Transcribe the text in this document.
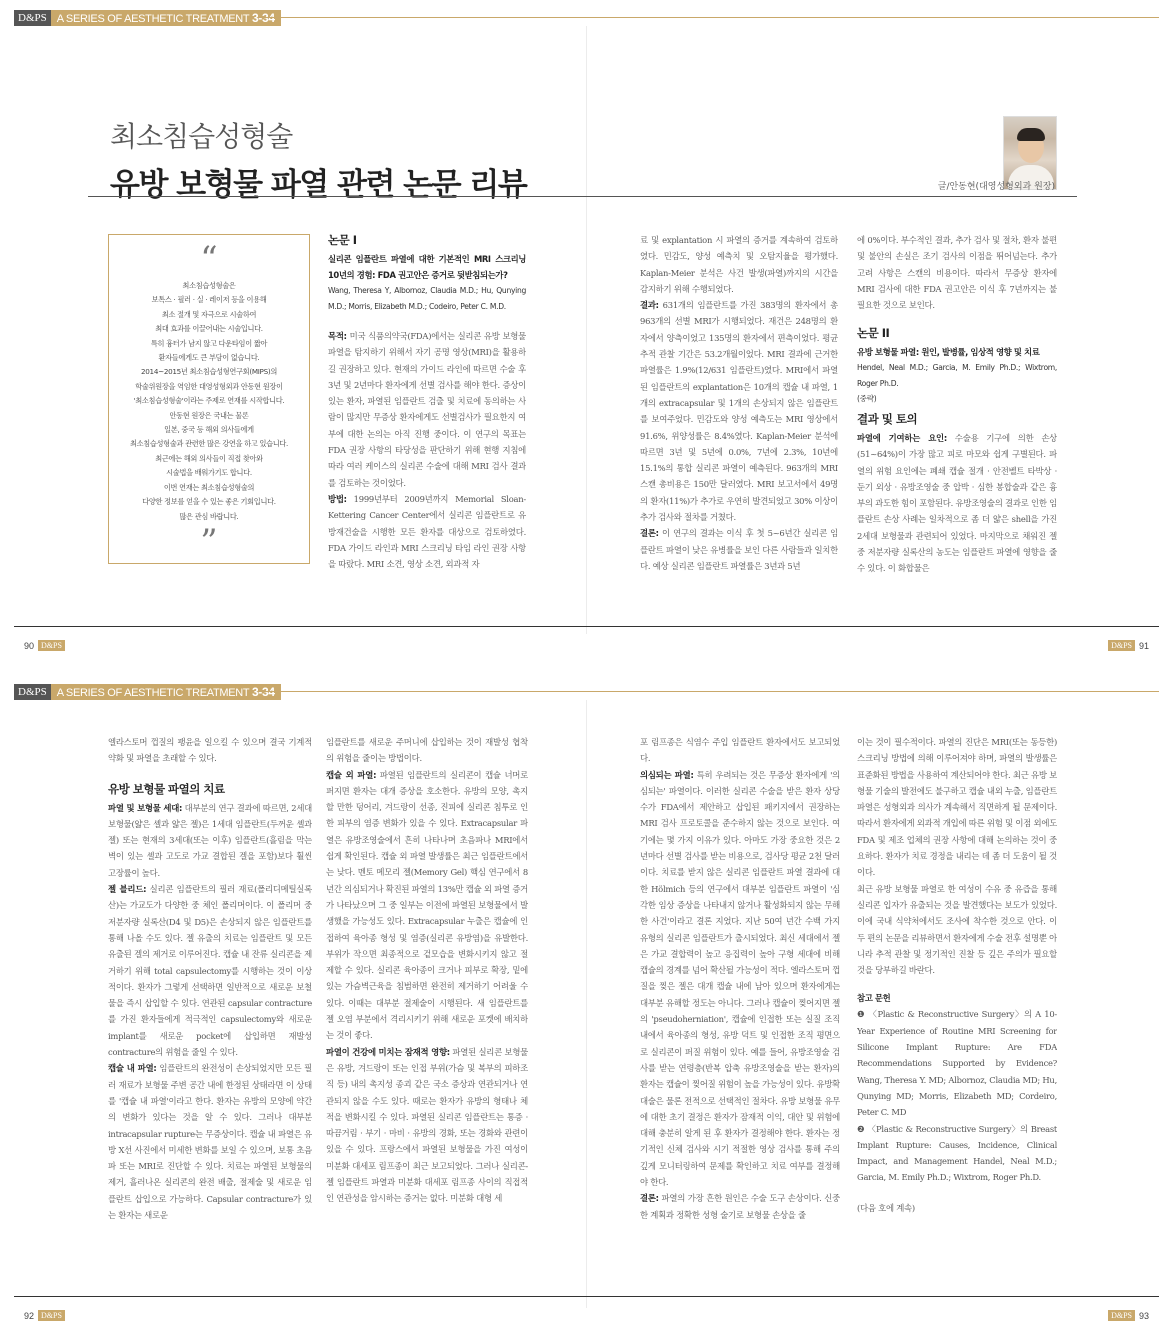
D&PS A SERIES OF AESTHETIC TREATMENT 3-34
최소침습성형술
유방 보형물 파열 관련 논문 리뷰	글/안동현(대영성형외과 원장)
“

최소침습성형술은
보톡스 · 필러 · 실 · 레이저 등을 이용해
최소 절개 및 자극으로 시술하여
최대 효과를 이끌어내는 시술입니다.
특히 흉터가 남지 않고 다운타임이 짧아
환자들에게도 큰 부담이 없습니다.
2014~2015년 최소침습성형연구회(MIPS)의
학술위원장을 역임한 대영성형외과 안동현 원장이
'최소침습성형술'이라는 주제로 연재를 시작합니다.
안동현 원장은 국내는 물론
일본, 중국 등 해외 의사들에게
최소침습성형술과 관련한 많은 강연을 하고 있습니다.
최근에는 해외 의사들이 직접 찾아와
시술법을 배워가기도 합니다.
이번 연재는 최소침습성형술의
다양한 정보를 얻을 수 있는 좋은 기회입니다.
많은 관심 바랍니다.

”
논문 I
실리콘 임플란트 파열에 대한 기본적인 MRI 스크리닝 10년의 경험: FDA 권고안은 증거로 뒷받침되는가?
Wang, Theresa Y, Albornoz, Claudia M.D.; Hu, Qunying M.D.; Morris, Elizabeth M.D.; Codeiro, Peter C. M.D.

목적: 미국 식품의약국(FDA)에서는 실리콘 유방 보형물 파열을 탐지하기 위해서 자기 공명 영상(MRI)을 활용하길 권장하고 있다. 현재의 가이드 라인에 따르면 수술 후 3년 및 2년마다 환자에게 선별 검사를 해야 한다. 증상이 있는 환자, 파열된 임플란트 검출 및 치료에 동의하는 사람이 많지만 무증상 환자에게도 선별검사가 필요한지 여부에 대한 논의는 아직 진행 중이다. 이 연구의 목표는 FDA 권장 사항의 타당성을 판단하기 위해 현행 지침에 따라 여러 케이스의 실리콘 수술에 대해 MRI 검사 결과를 검토하는 것이었다.

방법: 1999년부터 2009년까지 Memorial Sloan-Kettering Cancer Center에서 실리콘 임플란트로 유방재건술을 시행한 모든 환자를 대상으로 검토하였다. FDA 가이드 라인과 MRI 스크리닝 타임 라인 권장 사항을 따랐다. MRI 소견, 영상 소견, 외과적 자

료 및 explantation 시 파열의 증거를 계속하여 검토하였다. 민감도, 양성 예측치 및 오탐지율을 평가했다. Kaplan-Meier 분석은 사건 발생(파열)까지의 시간을 감지하기 위해 수행되었다.

결과: 631개의 임플란트를 가진 383명의 환자에서 총 963개의 선별 MRI가 시행되었다. 재건은 248명의 환자에서 양측이었고 135명의 환자에서 편측이었다. 평균 추적 관찰 기간은 53.2개월이었다. MRI 결과에 근거한 파열률은 1.9%(12/631 임플란트)였다. MRI에서 파열된 임플란트의 explantation은 10개의 캡슐 내 파열, 1개의 extracapsular 및 1개의 손상되지 않은 임플란트를 보여주었다. 민감도와 양성 예측도는 MRI 영상에서 91.6%, 위양성률은 8.4%였다. Kaplan-Meier 분석에 따르면 3년 및 5년에 0.0%, 7년에 2.3%, 10년에 15.1%의 통합 실리콘 파열이 예측된다. 963개의 MRI 스캔 총비용은 150만 달러였다. MRI 보고서에서 49명의 환자(11%)가 추가로 우연히 발견되었고 30% 이상이 추가 검사와 절차를 거쳤다.

결론: 이 연구의 결과는 이식 후 첫 5~6년간 실리콘 임플란트 파열이 낮은 유병률을 보인 다른 사람들과 일치한다. 예상 실리콘 임플란트 파열률은 3년과 5년

에 0%이다. 부수적인 결과, 추가 검사 및 절차, 환자 불편 및 불안의 손실은 조기 검사의 이점을 뛰어넘는다. 추가 고려 사항은 스캔의 비용이다. 따라서 무증상 환자에 MRI 검사에 대한 FDA 권고안은 이식 후 7년까지는 불필요한 것으로 보인다.

논문 II
유방 보형물 파열: 원인, 발병률, 임상적 영향 및 치료
Hendel, Neal M.D.; Garcia, M. Emily Ph.D.; Wixtrom, Roger Ph.D.
(중략)
결과 및 토의

파열에 기여하는 요인: 수술용 기구에 의한 손상(51~64%)이 가장 많고 피로 마모와 쉽게 구별된다. 파열의 위험 요인에는 폐쇄 캡슐 절개 · 안전벨트 타박상 · 둔기 외상 · 유방조영술 중 압박 · 심한 봉합술과 같은 흉부의 과도한 힘이 포함된다. 유방조영술의 결과로 인한 임플란트 손상 사례는 일차적으로 좀 더 얇은 shell을 가진 2세대 보형물과 관련되어 있었다. 마지막으로 채워진 젤 중 저분자량 실록산의 농도는 임플란트 파열에 영향을 줄 수 있다. 이 화합물은

90 D&PS	D&PS 91
D&PS A SERIES OF AESTHETIC TREATMENT 3-34

엘라스토머 껍질의 팽윤을 일으킬 수 있으며 결국 기계적 약화 및 파열을 초래할 수 있다.

유방 보형물 파열의 치료

파열 및 보형물 세대: 대부분의 연구 결과에 따르면, 2세대 보형물(얇은 셸과 얇은 젤)은 1세대 임플란트(두꺼운 셸과 젤) 또는 현재의 3세대(또는 이후) 임플란트(흘림을 막는 벽이 있는 셸과 고도로 가교 결합된 겔을 포함)보다 훨씬 고장률이 높다.

젤 블리드: 실리콘 임플란트의 필러 재료(폴리디메틸실록산)는 가교도가 다양한 중 체인 폴리머이다. 이 폴리머 중 저분자량 실록산(D4 및 D5)은 손상되지 않은 임플란트를 통해 나올 수도 있다. 젤 유출의 치료는 임플란트 및 모든 유출된 겔의 제거로 이루어진다. 캡슐 내 잔류 실리콘을 제거하기 위해 total capsulectomy를 시행하는 것이 이상적이다. 환자가 그렇게 선택하면 일반적으로 새로운 보철물을 즉시 삽입할 수 있다. 연관된 capsular contracture를 가진 환자들에게 적극적인 capsulectomy와 새로운 implant를 새로운 pocket에 삽입하면 재발성 contracture의 위험을 줄일 수 있다.

캡슐 내 파열: 임플란트의 완전성이 손상되었지만 모든 필러 재료가 보형물 주변 공간 내에 한정된 상태라면 이 상태를 '캡슐 내 파열'이라고 한다. 환자는 유방의 모양에 약간의 변화가 있다는 것을 알 수 있다. 그러나 대부분 intracapsular rupture는 무증상이다. 캡슐 내 파열은 유방 X선 사진에서 미세한 변화를 보일 수 있으며, 보통 초음파 또는 MRI로 진단할 수 있다. 치료는 파열된 보형물의 제거, 흘러나온 실리콘의 완전 배출, 절제술 및 새로운 임플란트 삽입으로 가능하다. Capsular contracture가 있는 환자는 새로운

임플란트를 새로운 주머니에 삽입하는 것이 재발성 협착의 위험을 줄이는 방법이다.

캡슐 외 파열: 파열된 임플란트의 실리콘이 캡슐 너머로 퍼지면 환자는 대개 증상을 호소한다. 유방의 모양, 촉지할 만한 덩어리, 겨드랑이 선종, 진피에 실리콘 침투로 인한 피부의 염증 변화가 있을 수 있다. Extracapsular 파열은 유방조영술에서 흔히 나타나며 초음파나 MRI에서 쉽게 확인된다. 캡슐 외 파열 발생률은 최근 임플란트에서는 낮다. 멘토 메모리 젤(Memory Gel) 핵심 연구에서 8년간 의심되거나 확진된 파열의 13%만 캡슐 외 파열 증거가 나타났으며 그 중 일부는 이전에 파열된 보형물에서 발생했을 가능성도 있다. Extracapsular 누출은 캡슐에 인접하여 육아종 형성 및 염증(실리콘 유방염)을 유발한다. 부위가 작으면 최종적으로 겉모습을 변화시키지 않고 절제할 수 있다. 실리콘 육아종이 크거나 피부로 확장, 밑에 있는 가슴벽근육을 침범하면 완전히 제거하기 어려울 수 있다. 이때는 대부분 절제술이 시행된다. 새 임플란트를 젤 오염 부분에서 격리시키기 위해 새로운 포켓에 배치하는 것이 좋다.

파열이 건강에 미치는 잠재적 영향: 파열된 실리콘 보형물은 유방, 겨드랑이 또는 인접 부위(가슴 및 복부의 피하조직 등) 내의 촉지성 종괴 같은 국소 증상과 연관되거나 연관되지 않을 수도 있다. 때로는 환자가 유방의 형태나 체적을 변화시킬 수 있다. 파열된 실리콘 임플란트는 통증 · 따끔거림 · 부기 · 마비 · 유방의 경화, 또는 경화와 관련이 있을 수 있다. 프랑스에서 파열된 보형물을 가진 여성이 미분화 대세포 림프종이 최근 보고되었다. 그러나 실리콘-젤 임플란트 파열과 미분화 대세포 림프종 사이의 직접적인 연관성을 암시하는 증거는 없다. 미분화 대형 세

포 림프종은 식염수 주입 임플란트 환자에서도 보고되었다.

의심되는 파열: 특히 우려되는 것은 무증상 환자에게 '의심되는' 파열이다. 이러한 실리콘 수술을 받은 환자 상당수가 FDA에서 제안하고 삽입된 패키지에서 권장하는 MRI 검사 프로토콜을 준수하지 않는 것으로 보인다. 여기에는 몇 가지 이유가 있다. 아마도 가장 중요한 것은 2년마다 선별 검사를 받는 비용으로, 검사당 평균 2천 달러이다. 치료를 받지 않은 실리콘 임플란트 파열 결과에 대한 Hölmich 등의 연구에서 대부분 임플란트 파열이 '심각한 임상 증상을 나타내지 않거나 활성화되지 않는 무해한 사건'이라고 결론 지었다. 지난 50여 년간 수백 가지 유형의 실리콘 임플란트가 출시되었다. 최신 세대에서 젤은 가교 결합력이 높고 응집력이 높아 구형 세대에 비해 캡슐의 경계를 넘어 확산될 가능성이 적다. 엘라스토머 껍질을 찢은 젤은 대개 캡슐 내에 남아 있으며 환자에게는 대부분 유해할 정도는 아니다. 그러나 캡슐이 찢어지면 젤의 'pseudoherniation', 캡슐에 인접한 또는 실질 조직 내에서 육아종의 형성, 유방 덕트 및 인접한 조직 평면으로 실리콘이 퍼질 위험이 있다. 예를 들어, 유방조영술 검사를 받는 연령층(반복 압축 유방조영술을 받는 환자)의 환자는 캡슐이 찢어질 위험이 높을 가능성이 있다. 유방확대술은 물론 전적으로 선택적인 절차다. 유방 보형물 유무에 대한 초기 결정은 환자가 잠재적 이익, 대안 및 위험에 대해 충분히 알게 된 후 환자가 결정해야 한다. 환자는 정기적인 신체 검사와 시기 적절한 영상 검사를 통해 주의 깊게 모니터링하여 문제를 확인하고 치료 여부를 결정해야 한다.

결론: 파열의 가장 흔한 원인은 수술 도구 손상이다. 신중한 계획과 정확한 성형 술기로 보형물 손상을 줄

이는 것이 필수적이다. 파열의 진단은 MRI(또는 동등한) 스크리닝 방법에 의해 이루어져야 하며, 파열의 발생률은 표준화된 방법을 사용하여 계산되어야 한다. 최근 유방 보형물 기술의 발전에도 불구하고 캡슐 내외 누출, 임플란트 파열은 성형외과 의사가 계속해서 직면하게 될 문제이다. 따라서 환자에게 외과적 개입에 따른 위험 및 이점 외에도 FDA 및 제조 업체의 권장 사항에 대해 논의하는 것이 중요하다. 환자가 치료 경정을 내리는 데 좀 더 도움이 될 것이다.

최근 유방 보형물 파열로 한 여성이 수유 중 유즙을 통해 실리콘 입자가 유출되는 것을 발견했다는 보도가 있었다. 이에 국내 식약처에서도 조사에 착수한 것으로 안다. 이 두 편의 논문을 리뷰하면서 환자에게 수술 전후 설명뿐 아니라 추적 관찰 및 정기적인 진찰 등 깊은 주의가 필요할 것을 당부하길 바란다.

참고 문헌

❶ 〈Plastic & Reconstructive Surgery〉의 A 10-Year Experience of Routine MRI Screening for Silicone Implant Rupture: Are FDA Recommendations Supported by Evidence? Wang, Theresa Y. MD; Albornoz, Claudia MD; Hu, Qunying MD; Morris, Elizabeth MD; Cordeiro, Peter C. MD

❷ 〈Plastic & Reconstructive Surgery〉의 Breast Implant Rupture: Causes, Incidence, Clinical Impact, and Management Handel, Neal M.D.; Garcia, M. Emily Ph.D.; Wixtrom, Roger Ph.D.

(다음 호에 계속)

92 D&PS	D&PS 93
